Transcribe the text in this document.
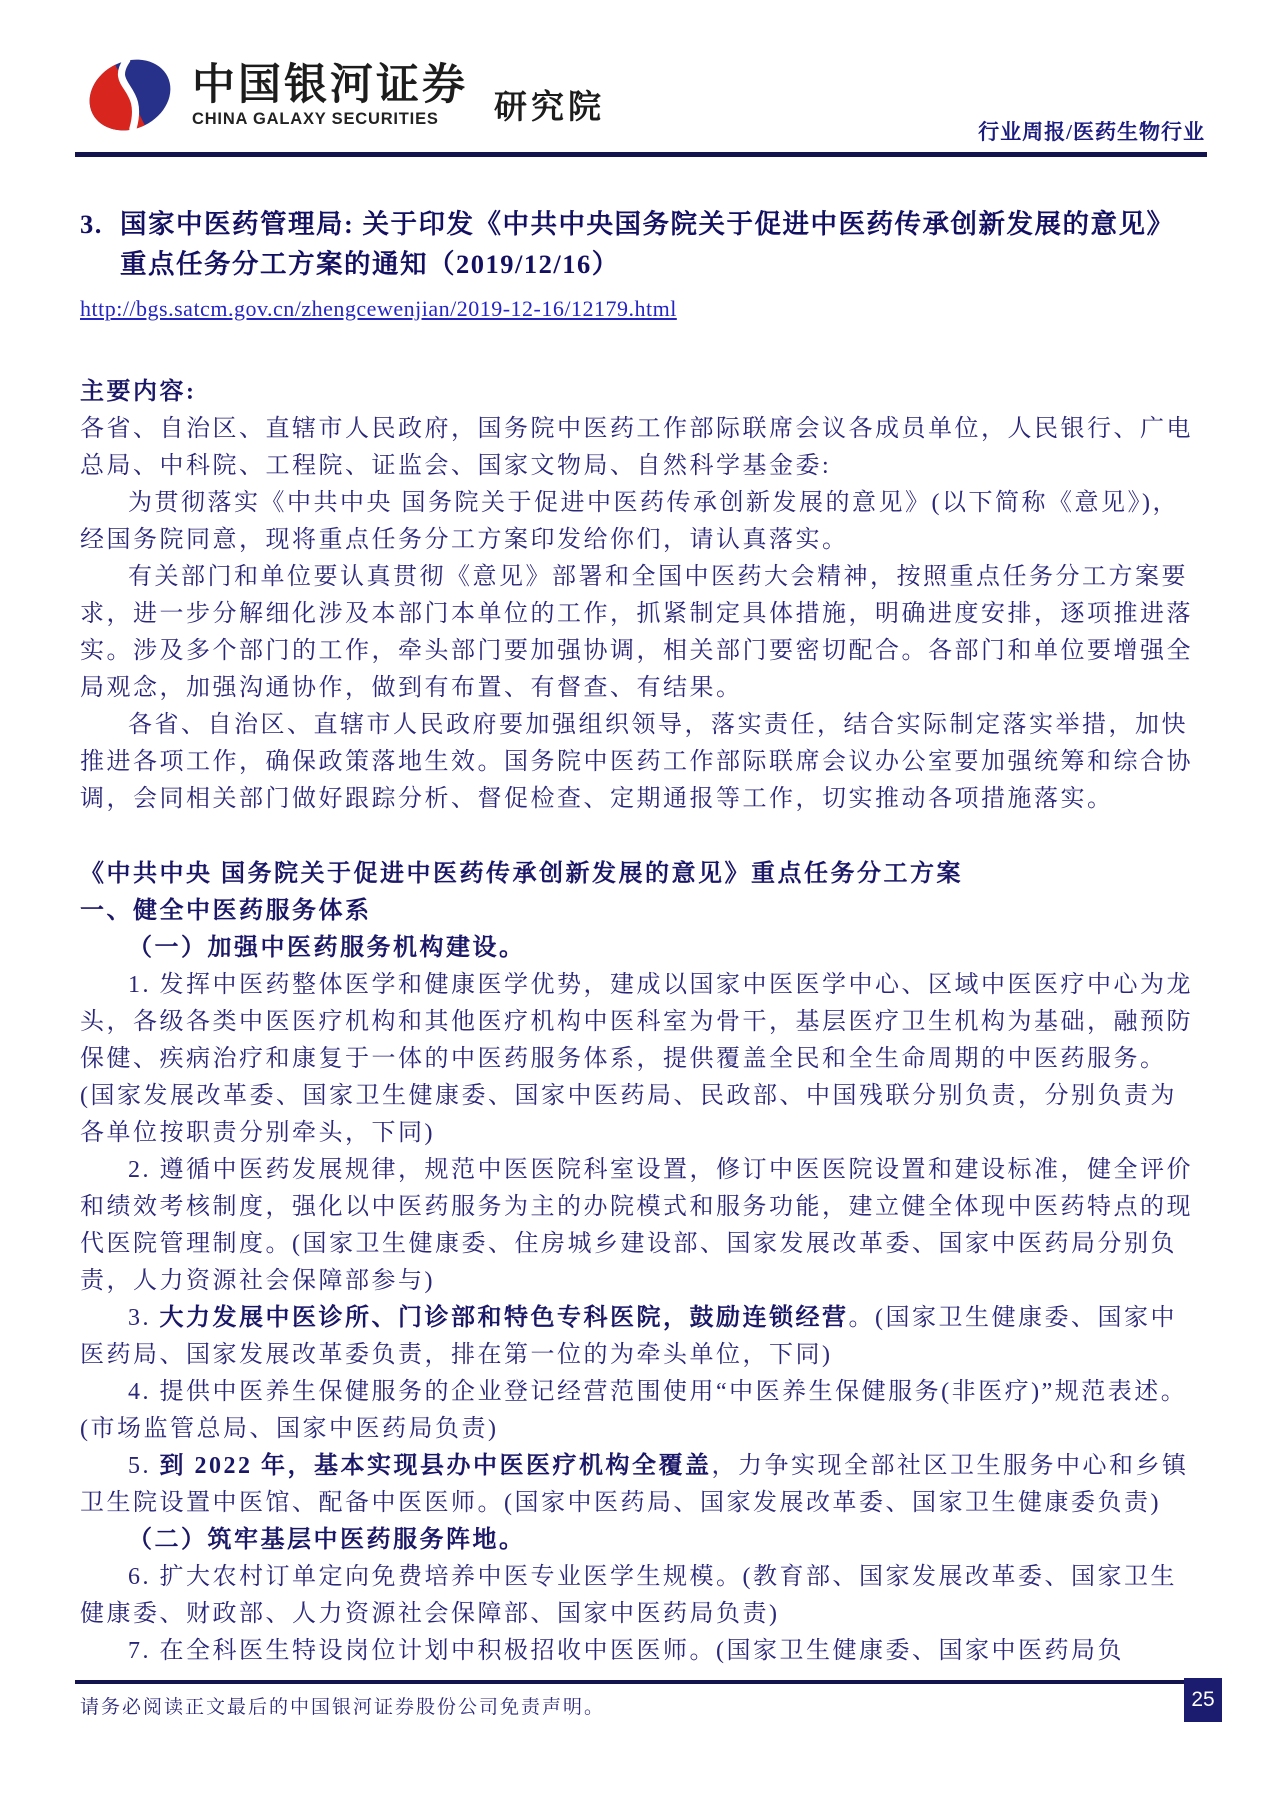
中国银河证券
CHINA GALAXY SECURITIES	研究院
行业周报/医药生物行业
3. 国家中医药管理局: 关于印发《中共中央国务院关于促进中医药传承创新发展的意见》
重点任务分工方案的通知（2019/12/16）
http://bgs.satcm.gov.cn/zhengcewenjian/2019-12-16/12179.html

主要内容:

各省、自治区、直辖市人民政府，国务院中医药工作部际联席会议各成员单位，人民银行、广电总局、中科院、工程院、证监会、国家文物局、自然科学基金委:

为贯彻落实《中共中央 国务院关于促进中医药传承创新发展的意见》(以下简称《意见》)，经国务院同意，现将重点任务分工方案印发给你们，请认真落实。

有关部门和单位要认真贯彻《意见》部署和全国中医药大会精神，按照重点任务分工方案要求，进一步分解细化涉及本部门本单位的工作，抓紧制定具体措施，明确进度安排，逐项推进落实。涉及多个部门的工作，牵头部门要加强协调，相关部门要密切配合。各部门和单位要增强全局观念，加强沟通协作，做到有布置、有督查、有结果。

各省、自治区、直辖市人民政府要加强组织领导，落实责任，结合实际制定落实举措，加快推进各项工作，确保政策落地生效。国务院中医药工作部际联席会议办公室要加强统筹和综合协调，会同相关部门做好跟踪分析、督促检查、定期通报等工作，切实推动各项措施落实。

《中共中央 国务院关于促进中医药传承创新发展的意见》重点任务分工方案

一、健全中医药服务体系

（一）加强中医药服务机构建设。

1. 发挥中医药整体医学和健康医学优势，建成以国家中医医学中心、区域中医医疗中心为龙头，各级各类中医医疗机构和其他医疗机构中医科室为骨干，基层医疗卫生机构为基础，融预防保健、疾病治疗和康复于一体的中医药服务体系，提供覆盖全民和全生命周期的中医药服务。(国家发展改革委、国家卫生健康委、国家中医药局、民政部、中国残联分别负责，分别负责为各单位按职责分别牵头，下同)

2. 遵循中医药发展规律，规范中医医院科室设置，修订中医医院设置和建设标准，健全评价和绩效考核制度，强化以中医药服务为主的办院模式和服务功能，建立健全体现中医药特点的现代医院管理制度。(国家卫生健康委、住房城乡建设部、国家发展改革委、国家中医药局分别负责，人力资源社会保障部参与)

3. 大力发展中医诊所、门诊部和特色专科医院，鼓励连锁经营。(国家卫生健康委、国家中医药局、国家发展改革委负责，排在第一位的为牵头单位，下同)

4. 提供中医养生保健服务的企业登记经营范围使用“中医养生保健服务(非医疗)”规范表述。(市场监管总局、国家中医药局负责)

5. 到 2022 年，基本实现县办中医医疗机构全覆盖，力争实现全部社区卫生服务中心和乡镇卫生院设置中医馆、配备中医医师。(国家中医药局、国家发展改革委、国家卫生健康委负责)

（二）筑牢基层中医药服务阵地。

6. 扩大农村订单定向免费培养中医专业医学生规模。(教育部、国家发展改革委、国家卫生健康委、财政部、人力资源社会保障部、国家中医药局负责)

7. 在全科医生特设岗位计划中积极招收中医医师。(国家卫生健康委、国家中医药局负

请务必阅读正文最后的中国银河证券股份公司免责声明。	25
